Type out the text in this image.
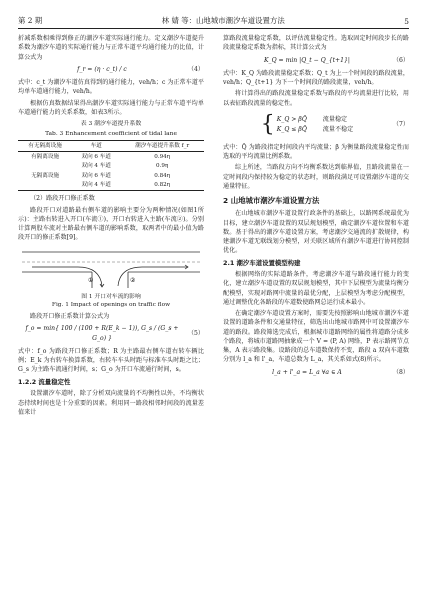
第 2 期	林 婧 等：山地城市潮汐车道设置方法	5

折减系数相乘得到修正的潮汐车道实际通行能力。定义潮汐车道提升系数为潮汐车道的实际通行能力与正常车道平均通行能力的比值，计算公式为

f_r = (η · c_t) / c	（4）

式中：c_t 为潮汐车道仿真得到的通行能力，veh/h；c 为正常车道平均单车道通行能力，veh/h。

根据仿真数据结果得出潮汐车道实际通行能力与正常车道平均单车道通行能力的关系系数，如表3所示。

表 3 潮汐车道提升系数
Tab. 3 Enhancement coefficient of tidal lane
有无隔离设施	车道	潮汐车道提升系数 f_r
有隔离设施	双向 6 车道	0.94η
	双向 4 车道	0.9η
无隔离设施	双向 6 车道	0.84η
	双向 4 车道	0.82η

（2）路段开口修正系数

路段开口对道路最右侧车道的影响主要分为两种情况(如图1所示)：主路右转进入开口(车流①)，开口右转进入主路(车流②)。分别计算两股车流对主路最右侧车道的影响系数，取两者中的最小值为路段开口的修正系数[9]。

①	②
图 1 开口对车流的影响
Fig. 1 Impact of openings on traffic flow

路段开口修正系数计算公式为

f_o = min{ 100 / (100 + R(E_k − 1)), G_s / (G_s + G_o) }
（5）

式中：f_o 为路段开口修正系数；R 为主路最右侧车道右转车辆比例；E_k 为右转车换算系数，右转车车头时距与标准车头时距之比；G_s 为主路车流通行时间，s；G_o 为开口车流通行时间，s。

1.2.2 流量稳定性

设置潮汐车道时，除了分析双向流量的不均衡性以外，不均衡状态持续时间也是十分重要的因素。利用同一路段相邻时间段的流量差值来计

算路段流量稳定系数，以评估流量稳定性。选取固定时间段步长的路段流量稳定系数为指标，其计算公式为

K_Q = min |Q_t − Q_{t+1}|	（6）

式中：K_Q 为路段流量稳定系数；Q_t 为上一个时间段的路段流量，veh/h；Q_{t+1} 为下一个时间段的路段流量，veh/h。

将计算得出的路段流量稳定系数与路段的平均流量进行比较，用以表征路段流量的稳定性。

{ K_Q > βQ̄	流量稳定
K_Q ≤ βQ̄	流量不稳定
（7）

式中：Q̄ 为路段指定时间段内平均流量；β 为衡量路段流量稳定性而选取的平均流量比例系数。

综上所述，当路段方向不均衡系数达到临界值，且路段流量在一定时间段内保持较为稳定的状态时，则路段满足可设置潮汐车道的交通量特征。

2 山地城市潮汐车道设置方法

在山地城市潮汐车道设置行政条件的基础上，以路网系统最优为目标，建立潮汐车道设置的双层规划模型，确定潮汐车道位置和车道数。基于得出的潮汐车道设置方案，考虑潮汐交通流的扩散规律，构建潮汐车道无联线划分模型，对关联区域所有潮汐车道进行协同控制优化。

2.1 潮汐车道设置模型构建

根据网络的实际道路条件，考虑潮汐车道与路段通行能力的变化，建立潮汐车道设置的双层规划模型，其中下层模型为流量均衡分配模型，实现对路网中流量的最优分配，上层模型为考虑分配模型，通过调整优化各路段的车道数使路网总运行成本最小。

在确定潮汐车道设置方案时，需要先按照影响山地城市潮汐车道设置的道路条件和交通量特征，筛选出山地城市路网中可设置潮汐车道的路段。路段筛选完成后，根据城市道路网络的属性将道路分成多个路段，将城市道路网抽象成一个 V = (P, A) 网络，P 表示路网节点集，A 表示路段集。设路段的总车道数保持不变，路段 a 双向车道数分别为 l_a 和 l'_a，车道总数为 L_a，其关系如式(8)所示。

l_a + l'_a = L_a ∀a ∈ A	（8）
